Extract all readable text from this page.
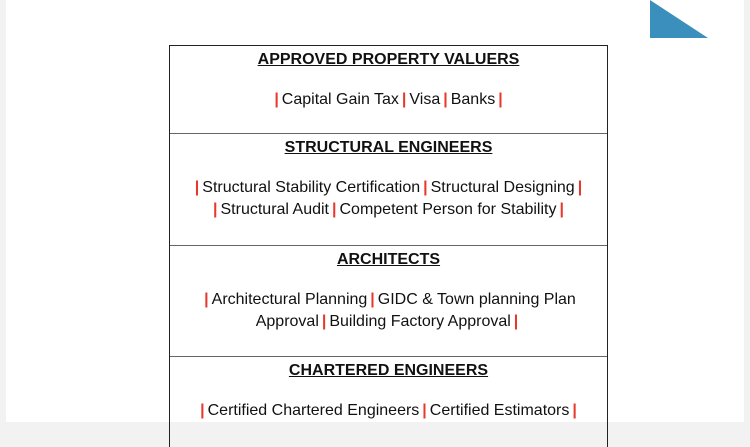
APPROVED PROPERTY VALUERS
| Capital Gain Tax | Visa | Banks |
STRUCTURAL ENGINEERS
| Structural Stability Certification | Structural Designing |
| Structural Audit | Competent Person for Stability |
ARCHITECTS
| Architectural Planning | GIDC & Town planning Plan
Approval | Building Factory Approval |
CHARTERED ENGINEERS
| Certified Chartered Engineers | Certified Estimators |
